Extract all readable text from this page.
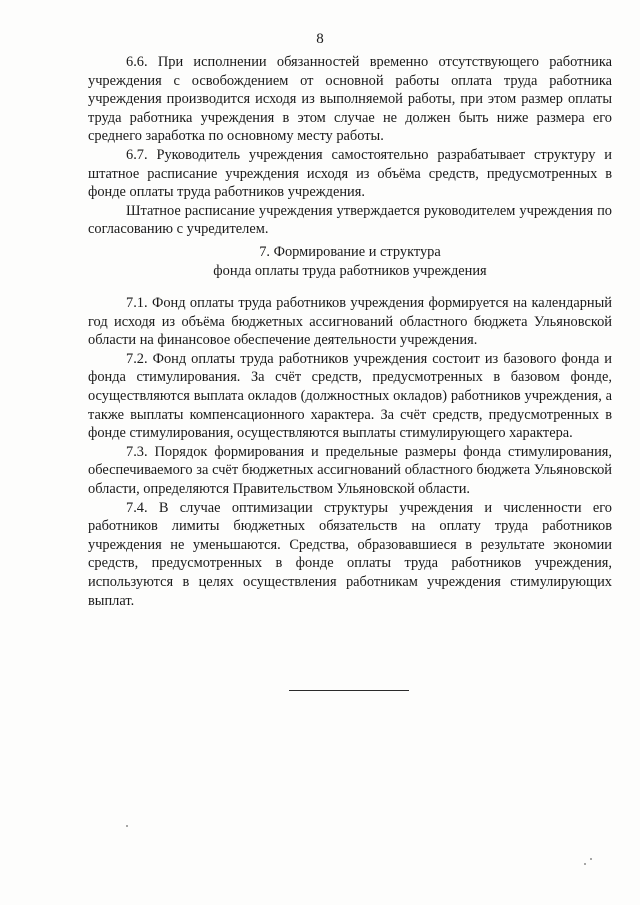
8

6.6. При исполнении обязанностей временно отсутствующего работника учреждения с освобождением от основной работы оплата труда работника учреждения производится исходя из выполняемой работы, при этом размер оплаты труда работника учреждения в этом случае не должен быть ниже размера его среднего заработка по основному месту работы.

6.7. Руководитель учреждения самостоятельно разрабатывает структуру и штатное расписание учреждения исходя из объёма средств, предусмотренных в фонде оплаты труда работников учреждения.

Штатное расписание учреждения утверждается руководителем учреждения по согласованию с учредителем.

7. Формирование и структура
фонда оплаты труда работников учреждения

7.1. Фонд оплаты труда работников учреждения формируется на календарный год исходя из объёма бюджетных ассигнований областного бюджета Ульяновской области на финансовое обеспечение деятельности учреждения.

7.2. Фонд оплаты труда работников учреждения состоит из базового фонда и фонда стимулирования. За счёт средств, предусмотренных в базовом фонде, осуществляются выплата окладов (должностных окладов) работников учреждения, а также выплаты компенсационного характера. За счёт средств, предусмотренных в фонде стимулирования, осуществляются выплаты стимулирующего характера.

7.3. Порядок формирования и предельные размеры фонда стимулирования, обеспечиваемого за счёт бюджетных ассигнований областного бюджета Ульяновской области, определяются Правительством Ульяновской области.

7.4. В случае оптимизации структуры учреждения и численности его работников лимиты бюджетных обязательств на оплату труда работников учреждения не уменьшаются. Средства, образовавшиеся в результате экономии средств, предусмотренных в фонде оплаты труда работников учреждения, используются в целях осуществления работникам учреждения стимулирующих выплат.
